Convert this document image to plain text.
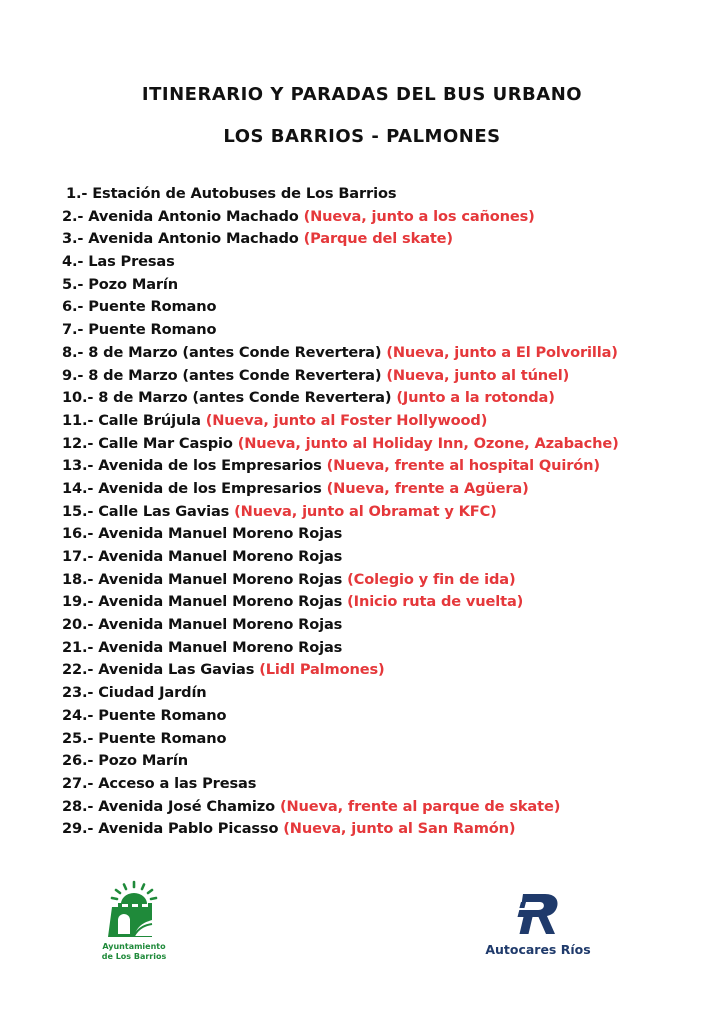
ITINERARIO Y PARADAS DEL BUS URBANO
LOS BARRIOS - PALMONES
1.- Estación de Autobuses de Los Barrios
2.- Avenida Antonio Machado (Nueva, junto a los cañones)
3.- Avenida Antonio Machado (Parque del skate)
4.- Las Presas
5.- Pozo Marín
6.- Puente Romano
7.- Puente Romano
8.- 8 de Marzo (antes Conde Revertera) (Nueva, junto a El Polvorilla)
9.- 8 de Marzo (antes Conde Revertera) (Nueva, junto al túnel)
10.- 8 de Marzo (antes Conde Revertera) (Junto a la rotonda)
11.- Calle Brújula (Nueva, junto al Foster Hollywood)
12.- Calle Mar Caspio (Nueva, junto al Holiday Inn, Ozone, Azabache)
13.- Avenida de los Empresarios (Nueva, frente al hospital Quirón)
14.- Avenida de los Empresarios (Nueva, frente a Agüera)
15.- Calle Las Gavias (Nueva, junto al Obramat y KFC)
16.- Avenida Manuel Moreno Rojas
17.- Avenida Manuel Moreno Rojas
18.- Avenida Manuel Moreno Rojas (Colegio y fin de ida)
19.- Avenida Manuel Moreno Rojas (Inicio ruta de vuelta)
20.- Avenida Manuel Moreno Rojas
21.- Avenida Manuel Moreno Rojas
22.- Avenida Las Gavias (Lidl Palmones)
23.- Ciudad Jardín
24.- Puente Romano
25.- Puente Romano
26.- Pozo Marín
27.- Acceso a las Presas
28.- Avenida José Chamizo (Nueva, frente al parque de skate)
29.- Avenida Pablo Picasso (Nueva, junto al San Ramón)
Ayuntamiento
de Los Barrios	Autocares Ríos
